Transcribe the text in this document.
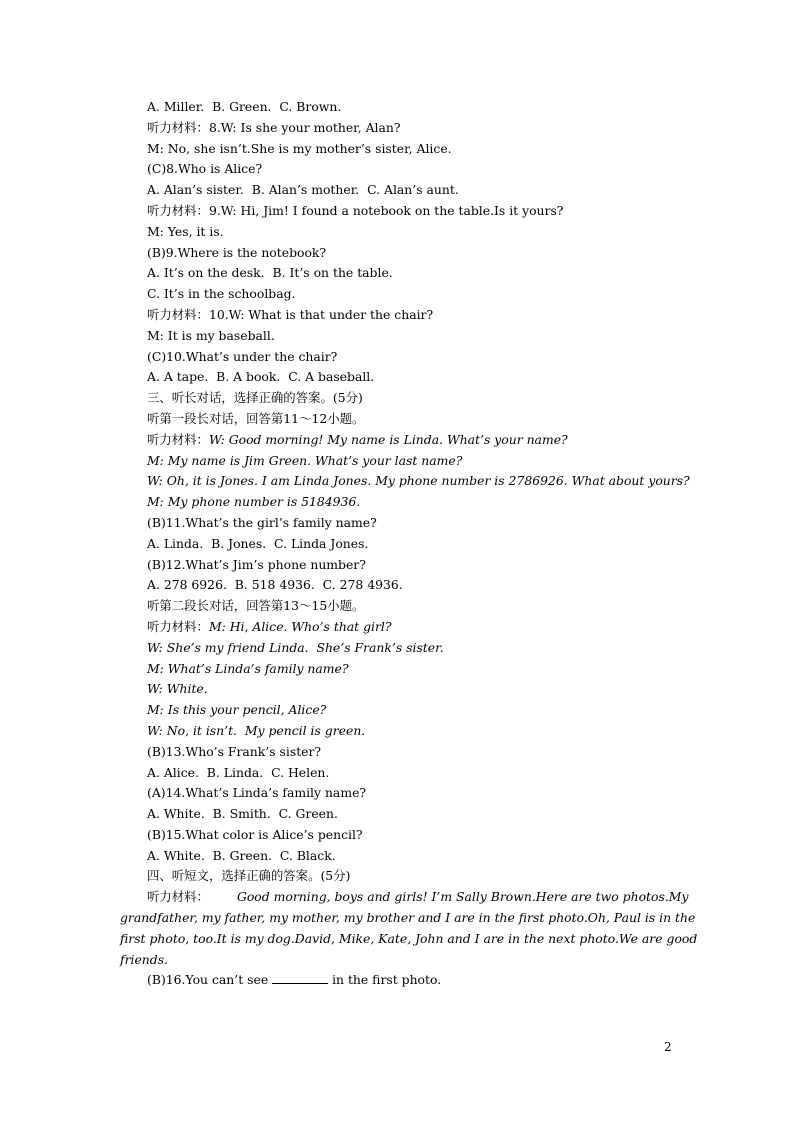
A. Miller.  B. Green.  C. Brown.
听力材料：8.W: Is she your mother, Alan?
M: No, she isn’t.She is my mother’s sister, Alice.
(C)8.Who is Alice?
A. Alan’s sister.  B. Alan’s mother.  C. Alan’s aunt.
听力材料：9.W: Hi, Jim! I found a notebook on the table.Is it yours?
M: Yes, it is.
(B)9.Where is the notebook?
A. It’s on the desk.  B. It’s on the table.
C. It’s in the schoolbag.
听力材料：10.W: What is that under the chair?
M: It is my baseball.
(C)10.What’s under the chair?
A. A tape.  B. A book.  C. A baseball.
三、听长对话，选择正确的答案。(5分)
听第一段长对话，回答第11～12小题。
听力材料：W: Good morning! My name is Linda. What’s your name?
M: My name is Jim Green. What’s your last name?
W: Oh, it is Jones. I am Linda Jones. My phone number is 2786926. What about yours?
M: My phone number is 5184936.
(B)11.What’s the girl’s family name?
A. Linda.  B. Jones.  C. Linda Jones.
(B)12.What’s Jim’s phone number?
A. 278 6926.  B. 518 4936.  C. 278 4936.
听第二段长对话，回答第13～15小题。
听力材料：M: Hi, Alice. Who’s that girl?
W: She’s my friend Linda.  She’s Frank’s sister.
M: What’s Linda’s family name?
W: White.
M: Is this your pencil, Alice?
W: No, it isn’t.  My pencil is green.
(B)13.Who’s Frank’s sister?
A. Alice.  B. Linda.  C. Helen.
(A)14.What’s Linda’s family name?
A. White.  B. Smith.  C. Green.
(B)15.What color is Alice’s pencil?
A. White.  B. Green.  C. Black.
四、听短文，选择正确的答案。(5分)
听力材料： Good morning, boys and girls! I’m Sally Brown.Here are two photos.My grandfather, my father, my mother, my brother and I are in the first photo.Oh, Paul is in the first photo, too.It is my dog.David, Mike, Kate, John and I are in the next photo.We are good friends.
(B)16.You can’t see	in the first photo.
2
